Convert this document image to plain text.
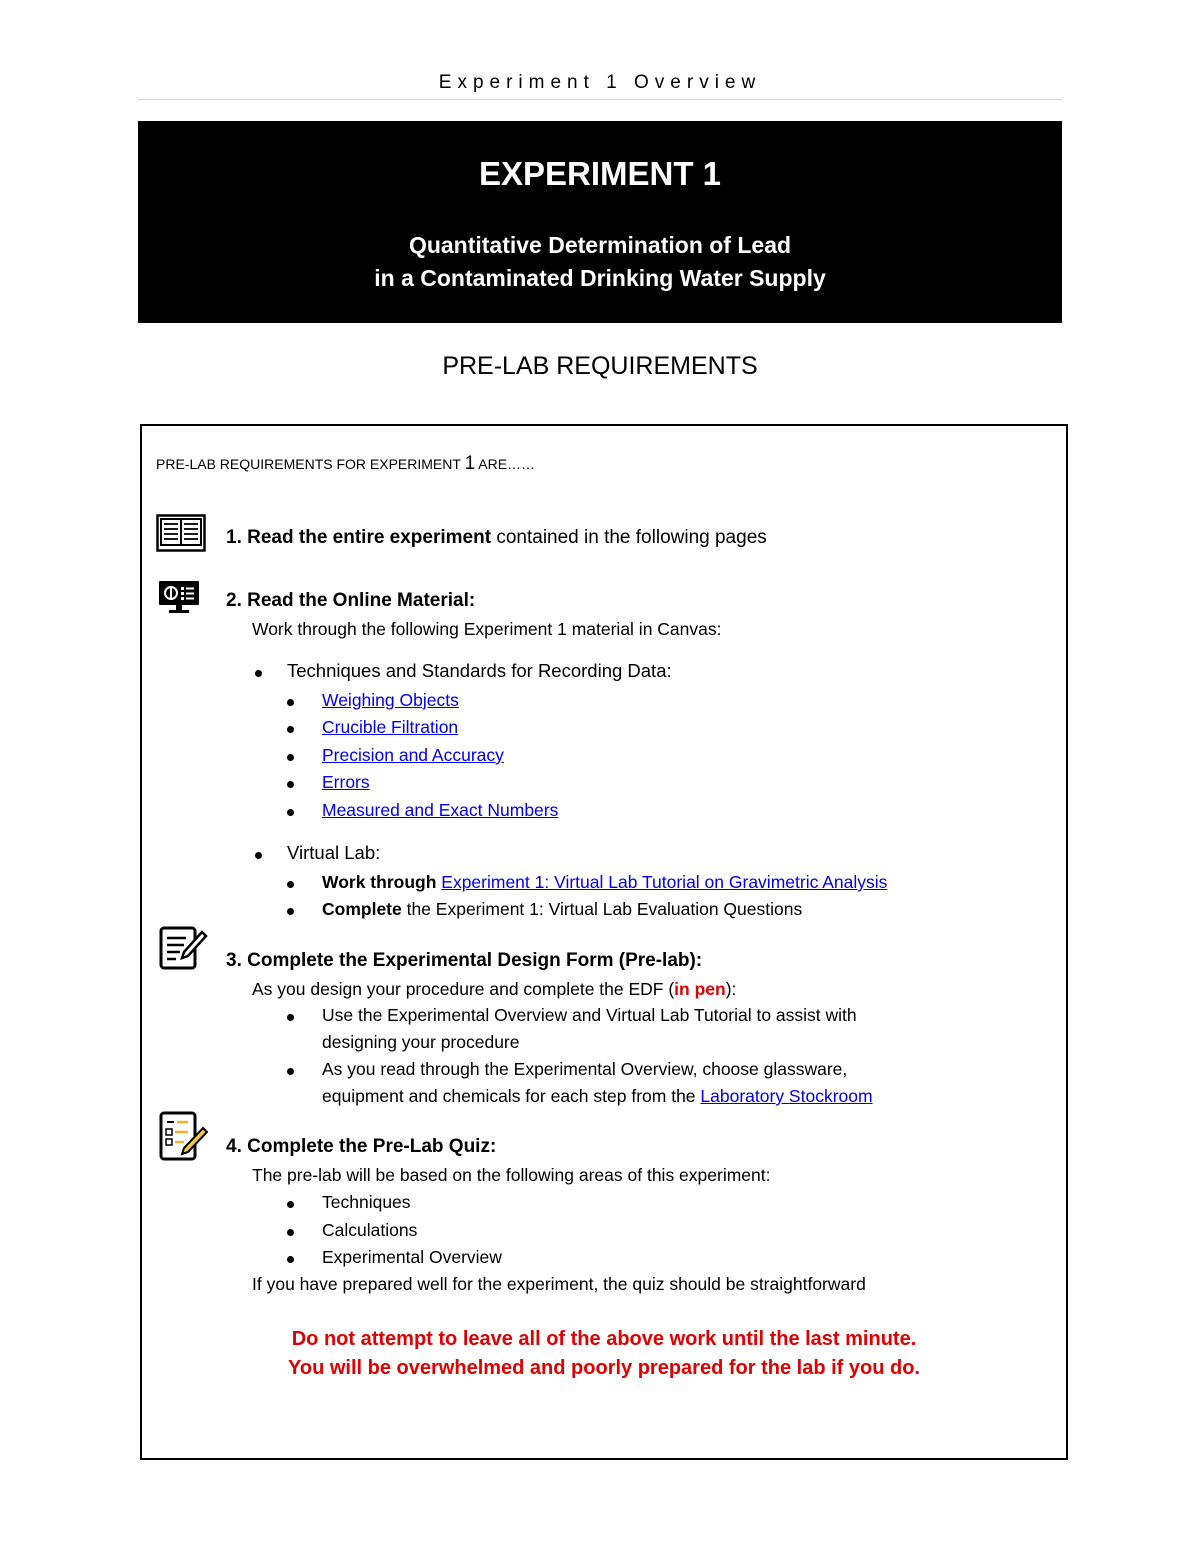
Experiment 1 Overview
EXPERIMENT 1
Quantitative Determination of Lead
in a Contaminated Drinking Water Supply
PRE-LAB REQUIREMENTS
PRE-LAB REQUIREMENTS FOR EXPERIMENT 1 ARE……
1. Read the entire experiment contained in the following pages
2. Read the Online Material:
Work through the following Experiment 1 material in Canvas:
Techniques and Standards for Recording Data:
Weighing Objects
Crucible Filtration
Precision and Accuracy
Errors
Measured and Exact Numbers
Virtual Lab:
Work through Experiment 1: Virtual Lab Tutorial on Gravimetric Analysis
Complete the Experiment 1: Virtual Lab Evaluation Questions
3. Complete the Experimental Design Form (Pre-lab):
As you design your procedure and complete the EDF (in pen):
Use the Experimental Overview and Virtual Lab Tutorial to assist with
designing your procedure
As you read through the Experimental Overview, choose glassware,
equipment and chemicals for each step from the Laboratory Stockroom
4. Complete the Pre-Lab Quiz:
The pre-lab will be based on the following areas of this experiment:
Techniques
Calculations
Experimental Overview
If you have prepared well for the experiment, the quiz should be straightforward
Do not attempt to leave all of the above work until the last minute.
You will be overwhelmed and poorly prepared for the lab if you do.
